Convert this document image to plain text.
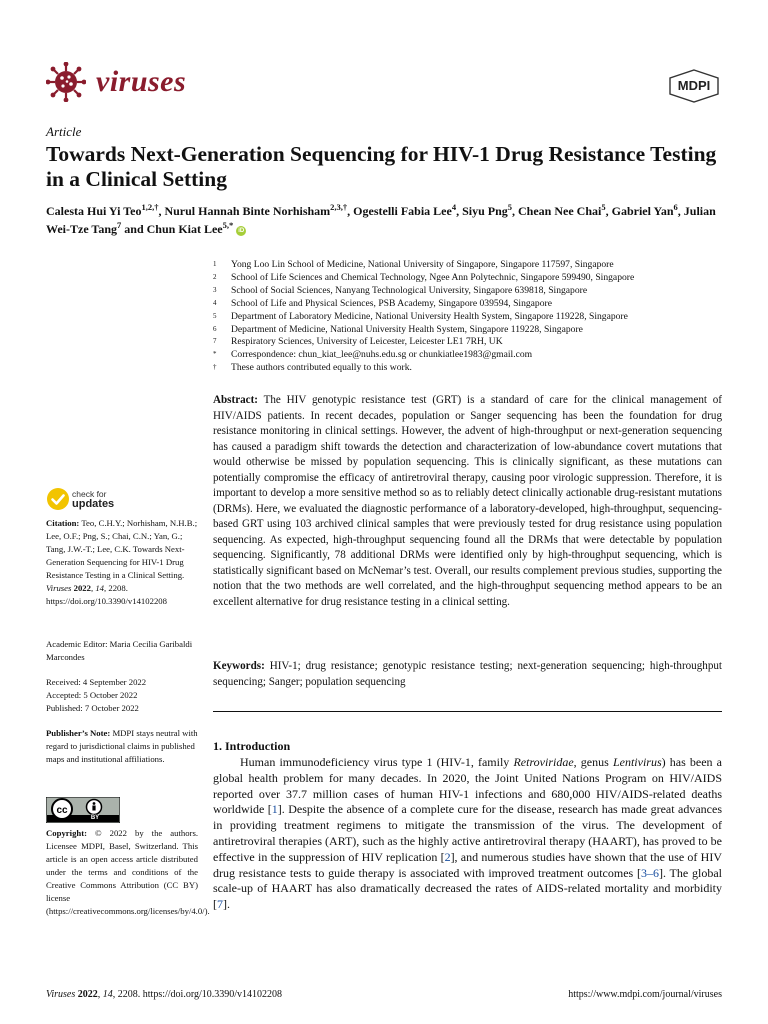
viruses	MDPI
Article
Towards Next-Generation Sequencing for HIV-1 Drug Resistance Testing in a Clinical Setting
Calesta Hui Yi Teo$^{1,2,\dagger}$, Nurul Hannah Binte Norhisham$^{2,3,\dagger}$, Ogestelli Fabia Lee$^4$, Siyu Png$^5$, Chean Nee Chai$^5$, Gabriel Yan$^6$, Julian Wei-Tze Tang$^7$ and Chun Kiat Lee$^{5,*}$ iD
1	Yong Loo Lin School of Medicine, National University of Singapore, Singapore 117597, Singapore
2	School of Life Sciences and Chemical Technology, Ngee Ann Polytechnic, Singapore 599490, Singapore
3	School of Social Sciences, Nanyang Technological University, Singapore 639818, Singapore
4	School of Life and Physical Sciences, PSB Academy, Singapore 039594, Singapore
5	Department of Laboratory Medicine, National University Health System, Singapore 119228, Singapore
6	Department of Medicine, National University Health System, Singapore 119228, Singapore
7	Respiratory Sciences, University of Leicester, Leicester LE1 7RH, UK
*	Correspondence: chun_kiat_lee@nuhs.edu.sg or chunkiatlee1983@gmail.com
†	These authors contributed equally to this work.
Abstract: The HIV genotypic resistance test (GRT) is a standard of care for the clinical management of HIV/AIDS patients. In recent decades, population or Sanger sequencing has been the foundation for drug resistance monitoring in clinical settings. However, the advent of high-throughput or next-generation sequencing has caused a paradigm shift towards the detection and characterization of low-abundance covert mutations that would otherwise be missed by population sequencing. This is clinically significant, as these mutations can potentially compromise the efficacy of antiretroviral therapy, causing poor virologic suppression. Therefore, it is important to develop a more sensitive method so as to reliably detect clinically actionable drug-resistant mutations (DRMs). Here, we evaluated the diagnostic performance of a laboratory-developed, high-throughput, sequencing-based GRT using 103 archived clinical samples that were previously tested for drug resistance using population sequencing. As expected, high-throughput sequencing found all the DRMs that were detectable by population sequencing. Significantly, 78 additional DRMs were identified only by high-throughput sequencing, which is statistically significant based on McNemar’s test. Overall, our results complement previous studies, supporting the notion that the two methods are well correlated, and the high-throughput sequencing method appears to be an excellent alternative for drug resistance testing in a clinical setting.
Keywords: HIV-1; drug resistance; genotypic resistance testing; next-generation sequencing; high-throughput sequencing; Sanger; population sequencing
1. Introduction
Human immunodeficiency virus type 1 (HIV-1, family Retroviridae, genus Lentivirus) has been a global health problem for many decades. In 2020, the Joint United Nations Program on HIV/AIDS reported over 37.7 million cases of human HIV-1 infections and 680,000 HIV/AIDS-related deaths worldwide [1]. Despite the absence of a complete cure for the disease, research has made great advances in providing treatment regimens to mitigate the transmission of the virus. The development of antiretroviral therapies (ART), such as the highly active antiretroviral therapy (HAART), has proved to be effective in the suppression of HIV replication [2], and numerous studies have shown that the use of HIV drug resistance tests to guide therapy is associated with improved treatment outcomes [3–6]. The global scale-up of HAART has also dramatically decreased the rates of AIDS-related mortality and morbidity [7].
check for
updates
Citation: Teo, C.H.Y.; Norhisham, N.H.B.; Lee, O.F.; Png, S.; Chai, C.N.; Yan, G.; Tang, J.W.-T.; Lee, C.K. Towards Next-Generation Sequencing for HIV-1 Drug Resistance Testing in a Clinical Setting. Viruses 2022, 14, 2208. https://doi.org/10.3390/v14102208
Academic Editor: Maria Cecilia Garibaldi Marcondes
Received: 4 September 2022
Accepted: 5 October 2022
Published: 7 October 2022
Publisher’s Note: MDPI stays neutral with regard to jurisdictional claims in published maps and institutional affiliations.
cc
BY
Copyright: © 2022 by the authors. Licensee MDPI, Basel, Switzerland. This article is an open access article distributed under the terms and conditions of the Creative Commons Attribution (CC BY) license (https://creativecommons.org/licenses/by/4.0/).
Viruses 2022, 14, 2208. https://doi.org/10.3390/v14102208	https://www.mdpi.com/journal/viruses
